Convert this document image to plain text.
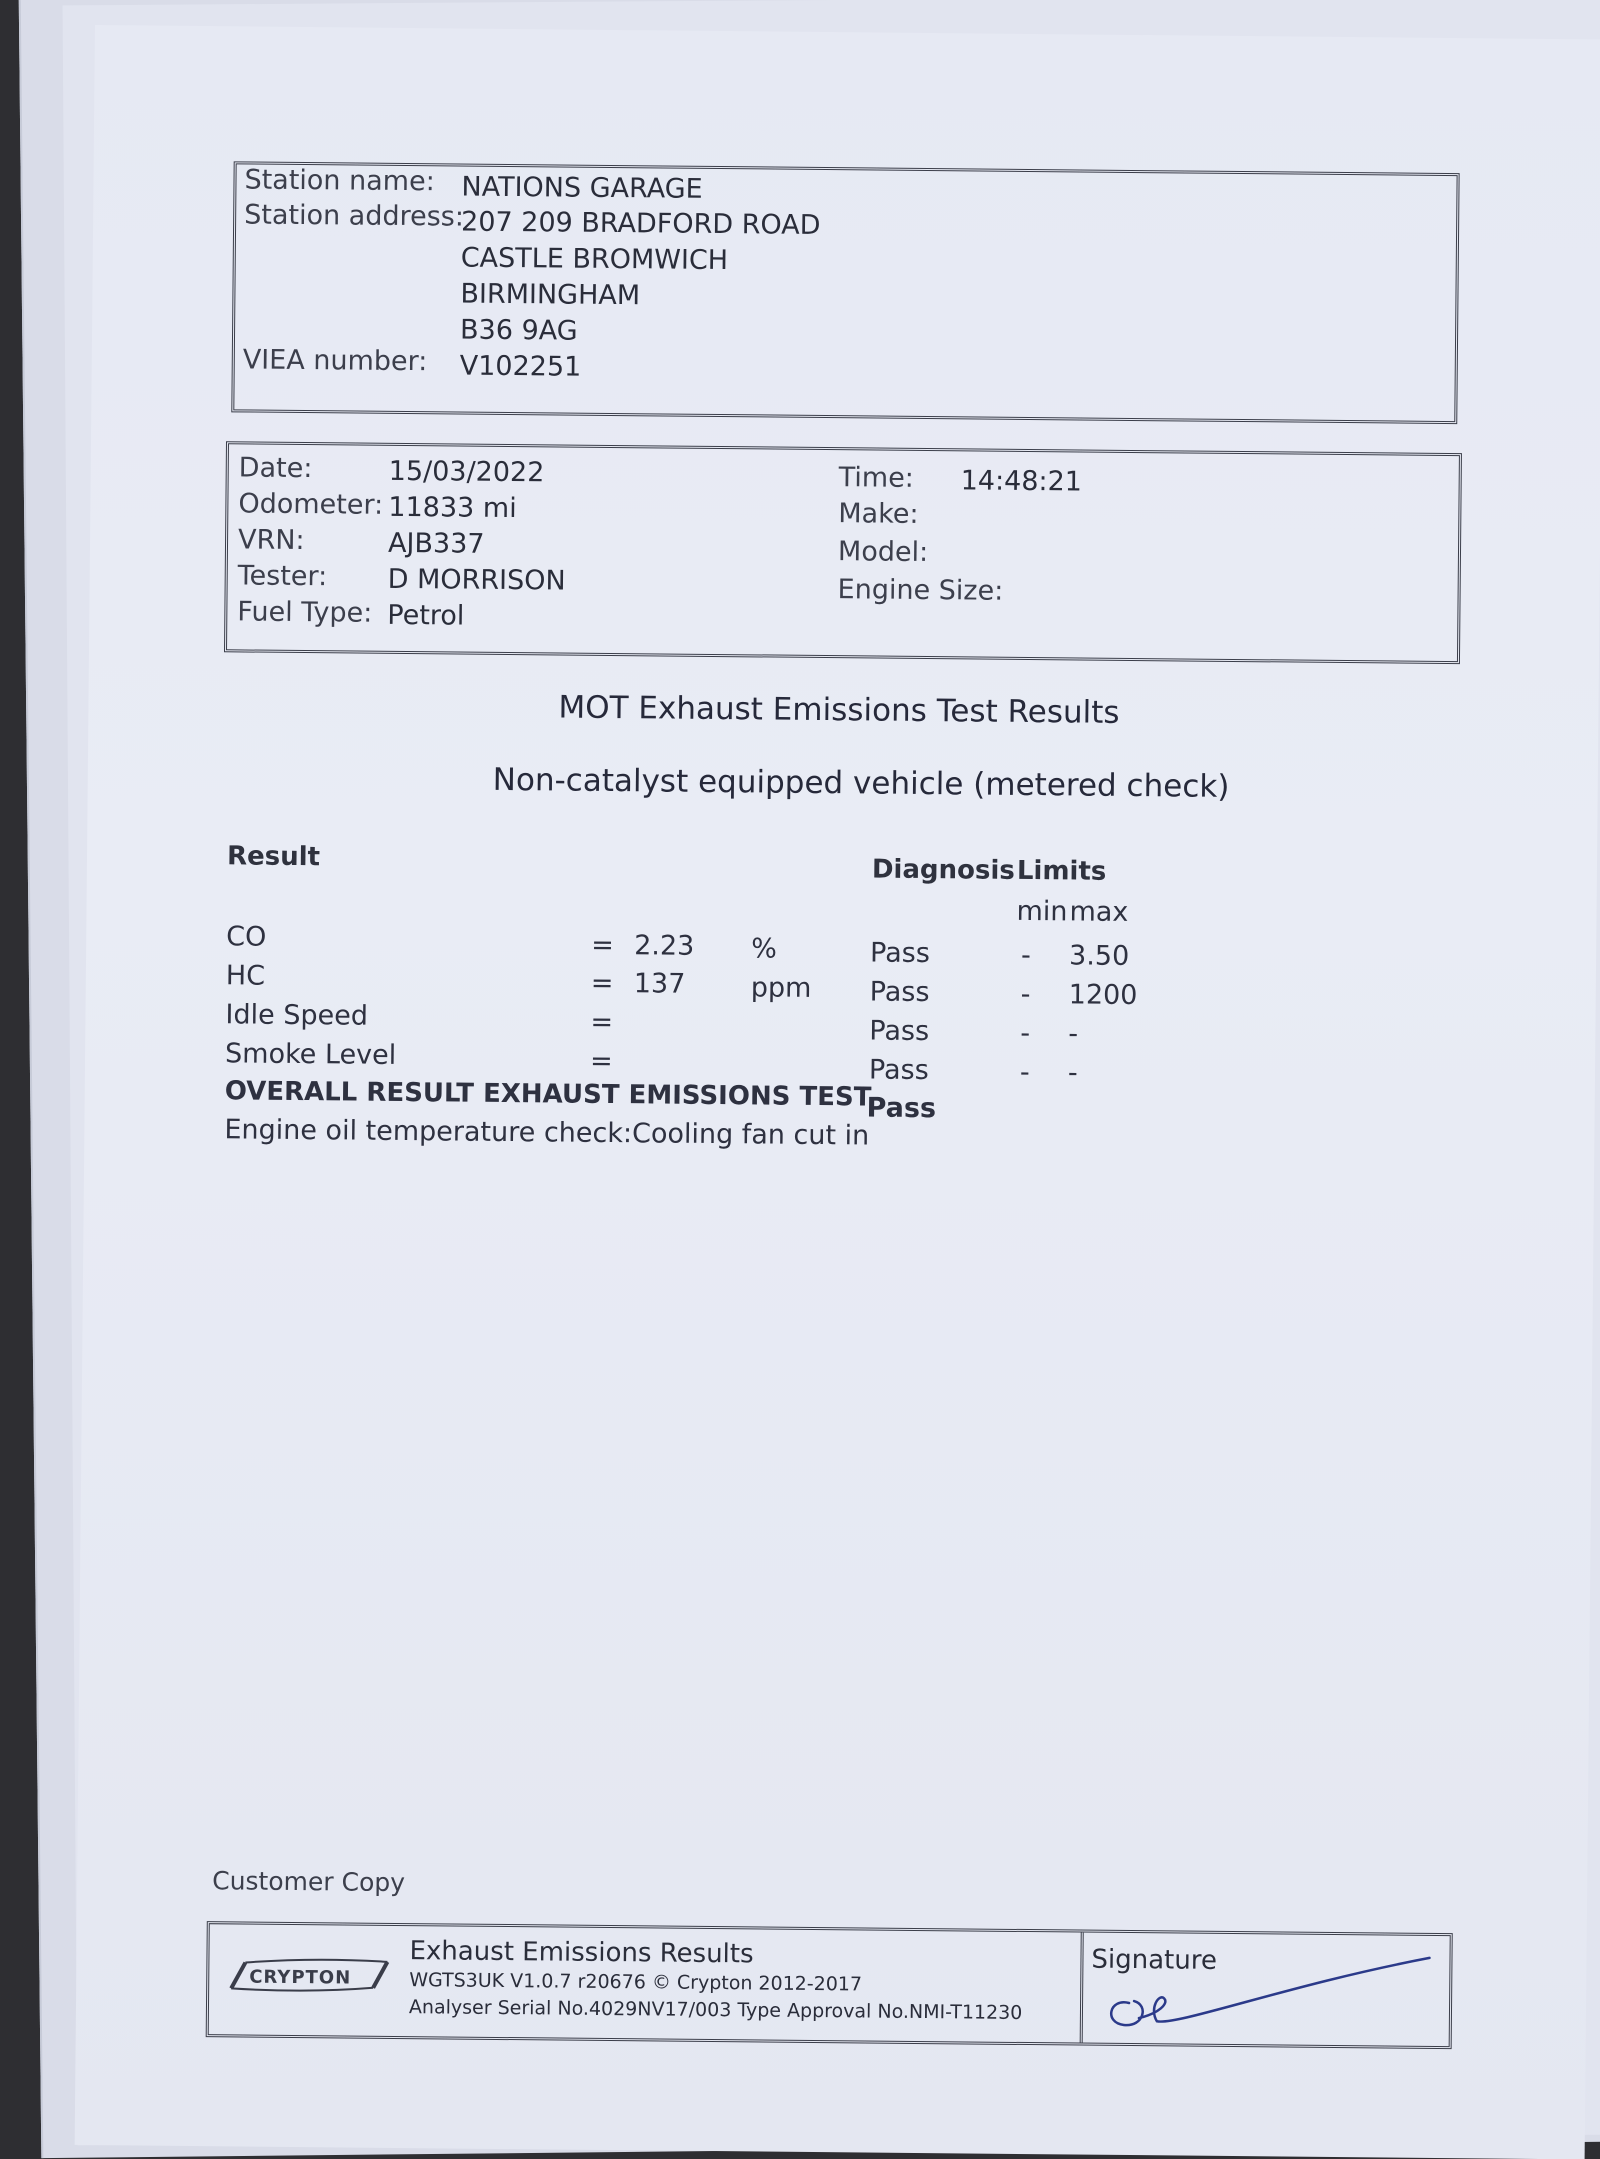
Station name: NATIONS GARAGE
Station address:
207 209 BRADFORD ROAD
CASTLE BROMWICH
BIRMINGHAM
B36 9AG
VIEA number: V102251
Date:	15/03/2022
Odometer: 11833 mi
VRN:	AJB337
Tester: D MORRISON
Fuel Type: Petrol
Time: 14:48:21
Make:
Model:
Engine Size:
MOT Exhaust Emissions Test Results
Non-catalyst equipped vehicle (metered check)
Result	Diagnosis Limits
min max
CO	= 2.23 %	Pass	- 3.50
HC	= 137 ppm Pass	- 1200
Idle Speed	=	Pass	- -
Smoke Level	=	Pass	- -
OVERALL RESULT EXHAUST EMISSIONS TEST
Pass
Engine oil temperature check:Cooling fan cut in
Customer Copy
CRYPTON
Exhaust Emissions Results
WGTS3UK V1.0.7 r20676 © Crypton 2012-2017
Analyser Serial No.4029NV17/003 Type Approval No.NMI-T11230
Signature
